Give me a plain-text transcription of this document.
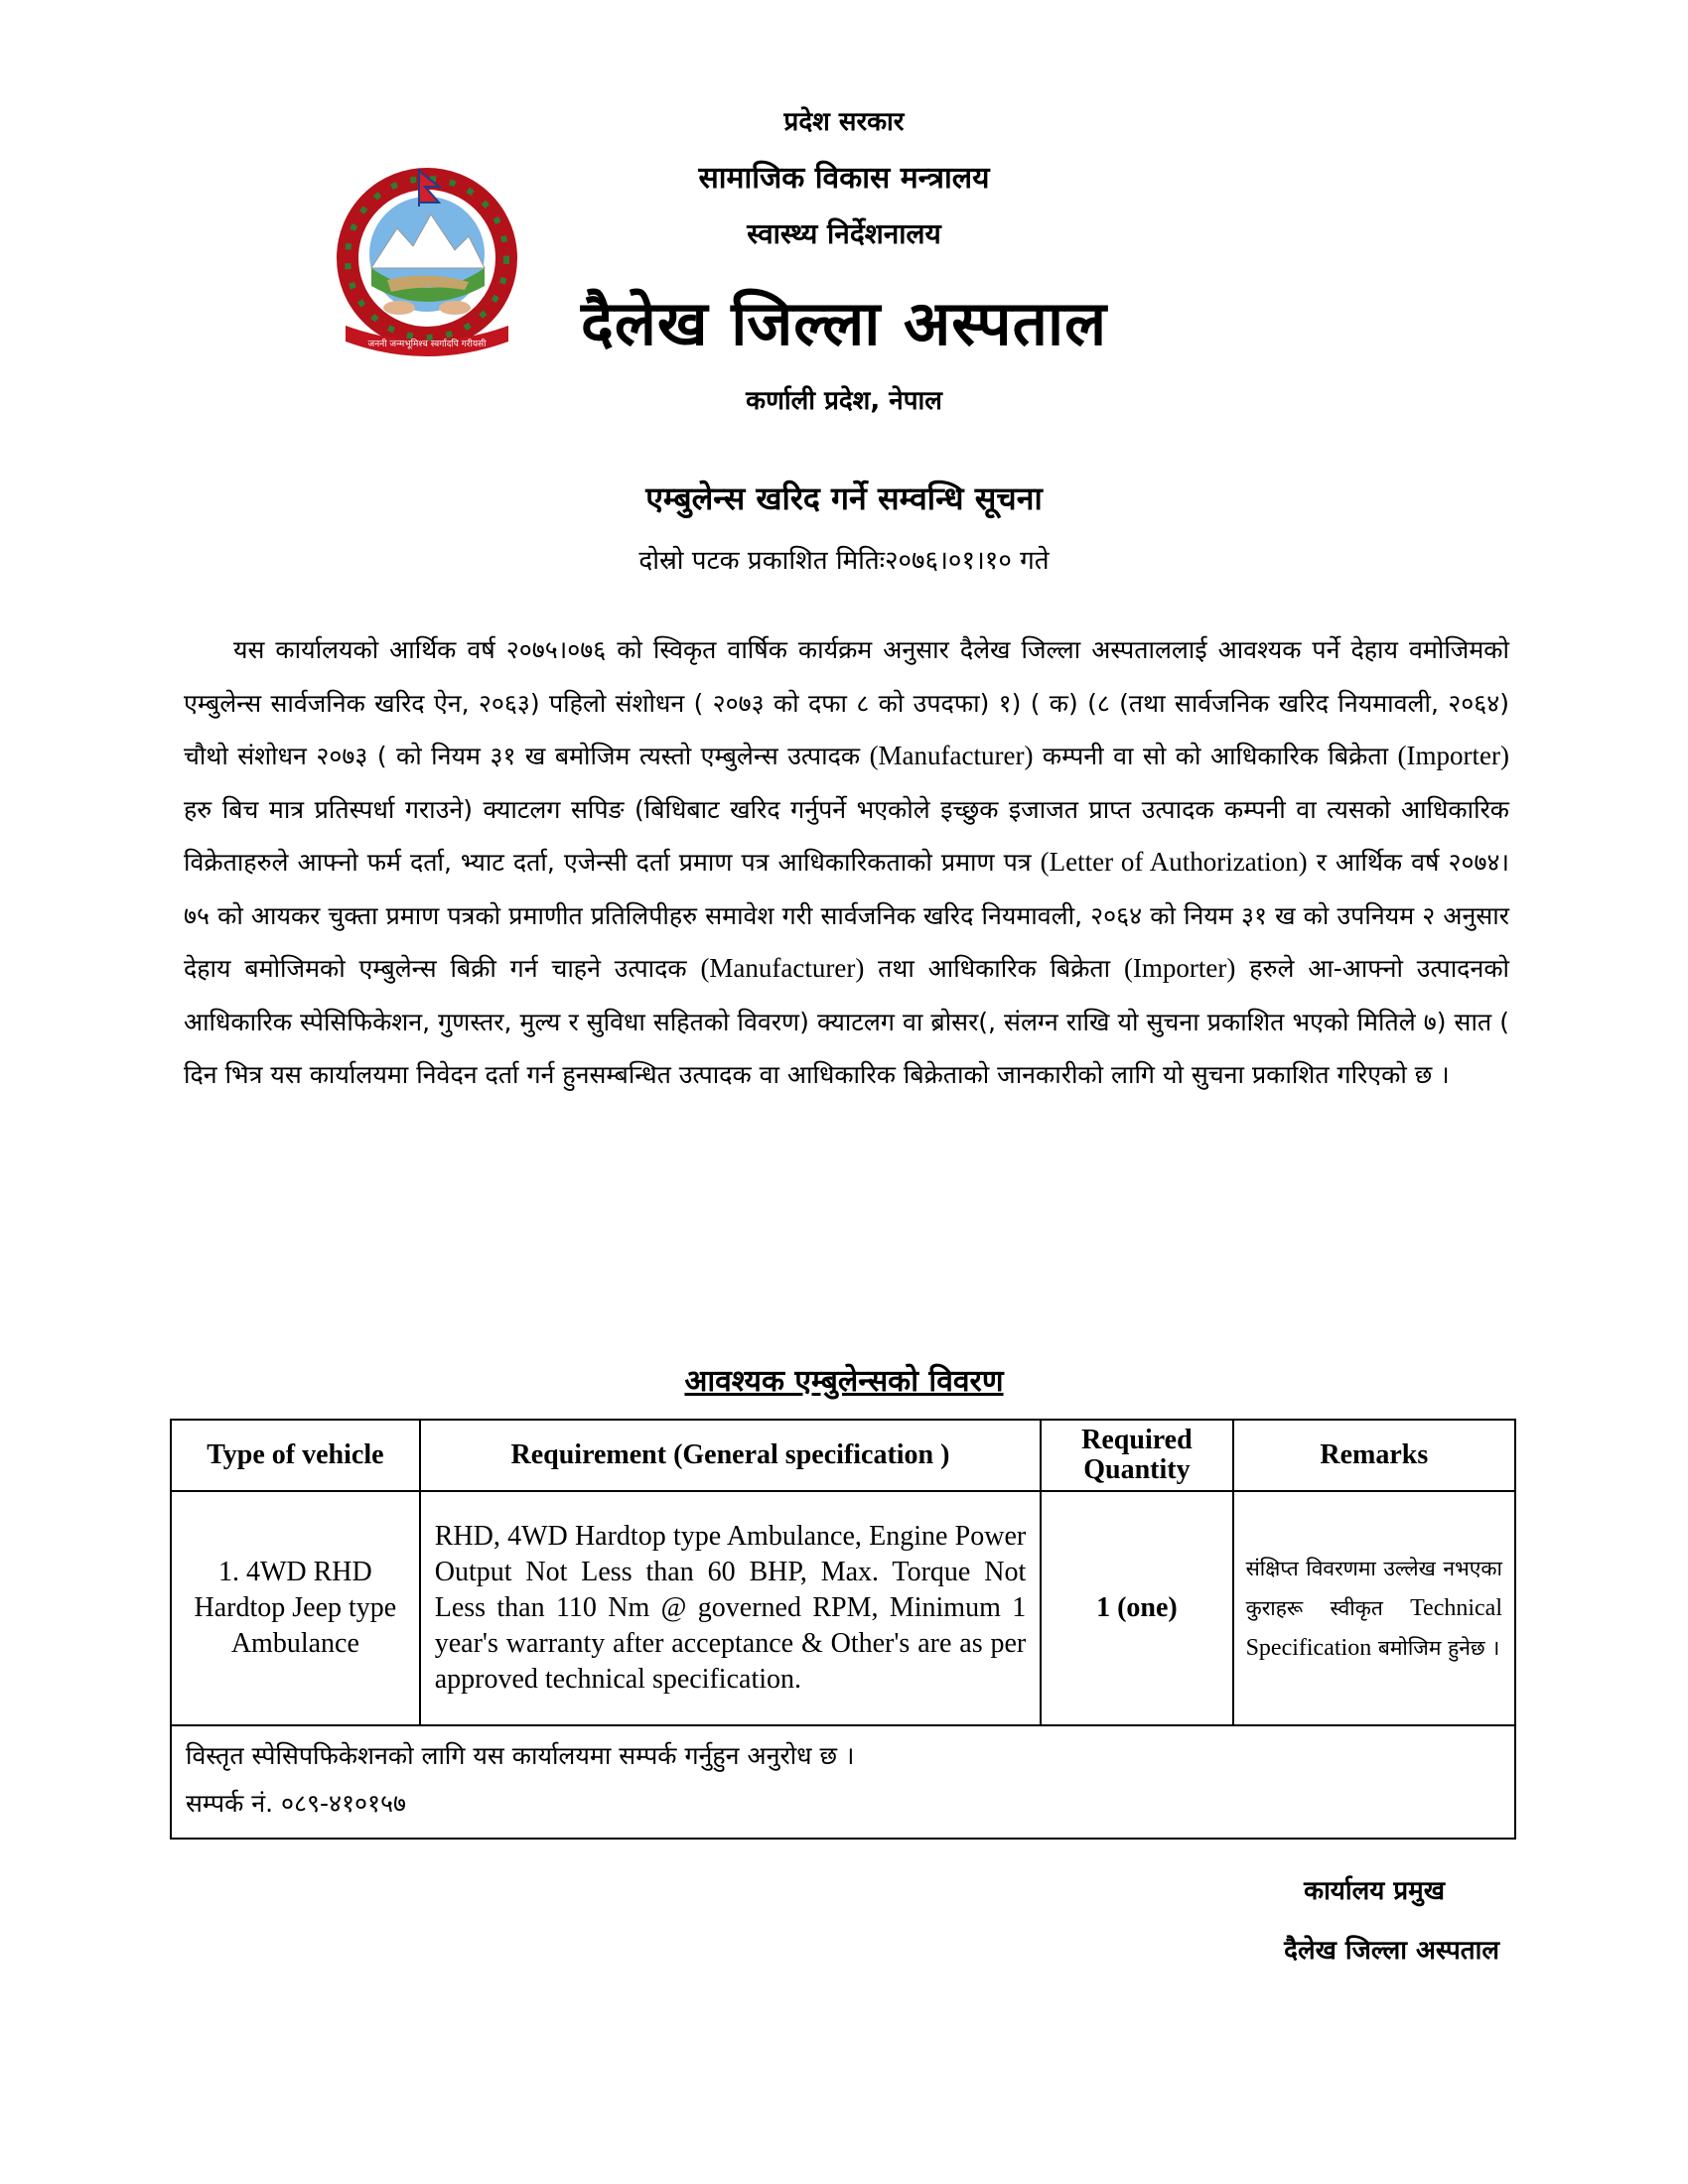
जननी जन्मभूमिश्च स्वर्गादपि गरीयसी
प्रदेश सरकार
सामाजिक विकास मन्त्रालय
स्वास्थ्य निर्देशनालय
दैलेख जिल्ला अस्पताल
कर्णाली प्रदेश, नेपाल
एम्बुलेन्स खरिद गर्ने सम्वन्धि सूचना
दोस्रो पटक प्रकाशित मितिः२०७६।०१।१० गते
यस कार्यालयको आर्थिक वर्ष २०७५।०७६ को स्विकृत वार्षिक कार्यक्रम अनुसार दैलेख जिल्ला अस्पताललाई आवश्यक पर्ने देहाय वमोजिमको एम्बुलेन्स सार्वजनिक खरिद ऐन, २०६३) पहिलो संशोधन ( २०७३ को दफा ८ को उपदफा) १) ( क) (८ (तथा सार्वजनिक खरिद नियमावली, २०६४) चौथो संशोधन २०७३ ( को नियम ३१ ख बमोजिम त्यस्तो एम्बुलेन्स उत्पादक (Manufacturer) कम्पनी वा सो को आधिकारिक बिक्रेता (Importer) हरु बिच मात्र प्रतिस्पर्धा गराउने) क्याटलग सपिङ (बिधिबाट खरिद गर्नुपर्ने भएकोले इच्छुक इजाजत प्राप्त उत्पादक कम्पनी वा त्यसको आधिकारिक विक्रेताहरुले आफ्नो फर्म दर्ता, भ्याट दर्ता, एजेन्सी दर्ता प्रमाण पत्र आधिकारिकताको प्रमाण पत्र (Letter of Authorization) र आर्थिक वर्ष २०७४।७५ को आयकर चुक्ता प्रमाण पत्रको प्रमाणीत प्रतिलिपीहरु समावेश गरी सार्वजनिक खरिद नियमावली, २०६४ को नियम ३१ ख को उपनियम २ अनुसार देहाय बमोजिमको एम्बुलेन्स बिक्री गर्न चाहने उत्पादक (Manufacturer) तथा आधिकारिक बिक्रेता (Importer) हरुले आ-आफ्नो उत्पादनको आधिकारिक स्पेसिफिकेशन, गुणस्तर, मुल्य र सुविधा सहितको विवरण) क्याटलग वा ब्रोसर(, संलग्न राखि यो सुचना प्रकाशित भएको मितिले ७) सात ( दिन भित्र यस कार्यालयमा निवेदन दर्ता गर्न हुनसम्बन्धित उत्पादक वा आधिकारिक बिक्रेताको जानकारीको लागि यो सुचना प्रकाशित गरिएको छ ।
आवश्यक एम्बुलेन्सको विवरण
Type of vehicle	Requirement (General specification )	Required Quantity	Remarks
1. 4WD RHD Hardtop Jeep type Ambulance	RHD, 4WD Hardtop type Ambulance, Engine Power Output Not Less than 60 BHP, Max. Torque Not Less than 110 Nm @ governed RPM, Minimum 1 year's warranty after acceptance & Other's are as per approved technical specification.	1 (one)	संक्षिप्त विवरणमा उल्लेख नभएका कुराहरू स्वीकृत Technical Specification बमोजिम हुनेछ ।

विस्तृत स्पेसिपफिकेशनको लागि यस कार्यालयमा सम्पर्क गर्नुहुन अनुरोध छ ।
सम्पर्क नं. ०८९-४१०१५७			
कार्यालय प्रमुख
दैलेख जिल्ला अस्पताल
